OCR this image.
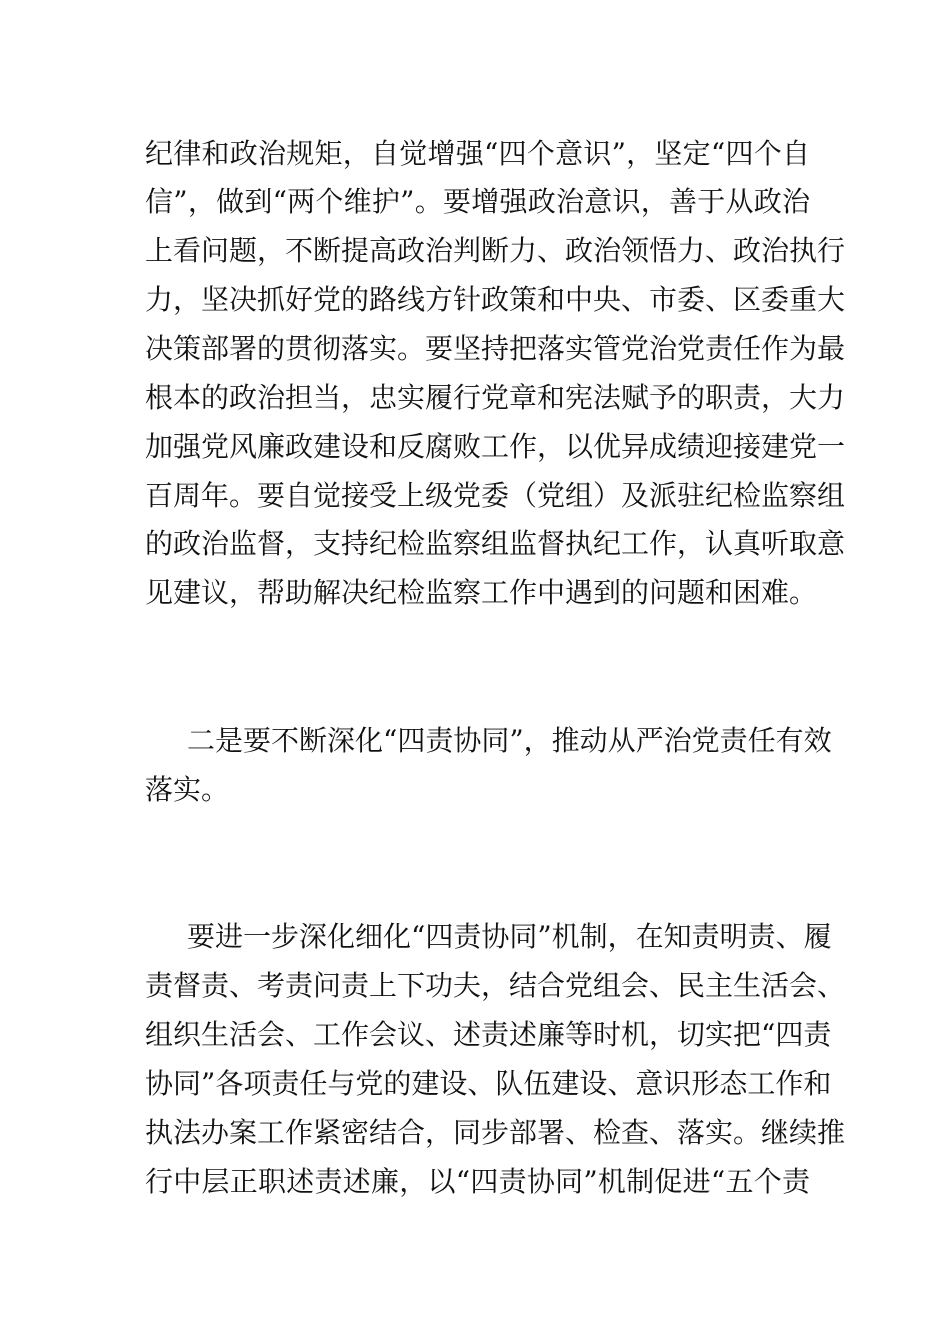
纪律和政治规矩，自觉增强“四个意识”，坚定“四个自
信”，做到“两个维护”。要增强政治意识，善于从政治
上看问题，不断提高政治判断力、政治领悟力、政治执行
力，坚决抓好党的路线方针政策和中央、市委、区委重大
决策部署的贯彻落实。要坚持把落实管党治党责任作为最
根本的政治担当，忠实履行党章和宪法赋予的职责，大力
加强党风廉政建设和反腐败工作，以优异成绩迎接建党一
百周年。要自觉接受上级党委（党组）及派驻纪检监察组
的政治监督，支持纪检监察组监督执纪工作，认真听取意
见建议，帮助解决纪检监察工作中遇到的问题和困难。
二是要不断深化“四责协同”，推动从严治党责任有效
落实。
要进一步深化细化“四责协同”机制，在知责明责、履
责督责、考责问责上下功夫，结合党组会、民主生活会、
组织生活会、工作会议、述责述廉等时机，切实把“四责
协同”各项责任与党的建设、队伍建设、意识形态工作和
执法办案工作紧密结合，同步部署、检查、落实。继续推
行中层正职述责述廉，以“四责协同”机制促进“五个责
